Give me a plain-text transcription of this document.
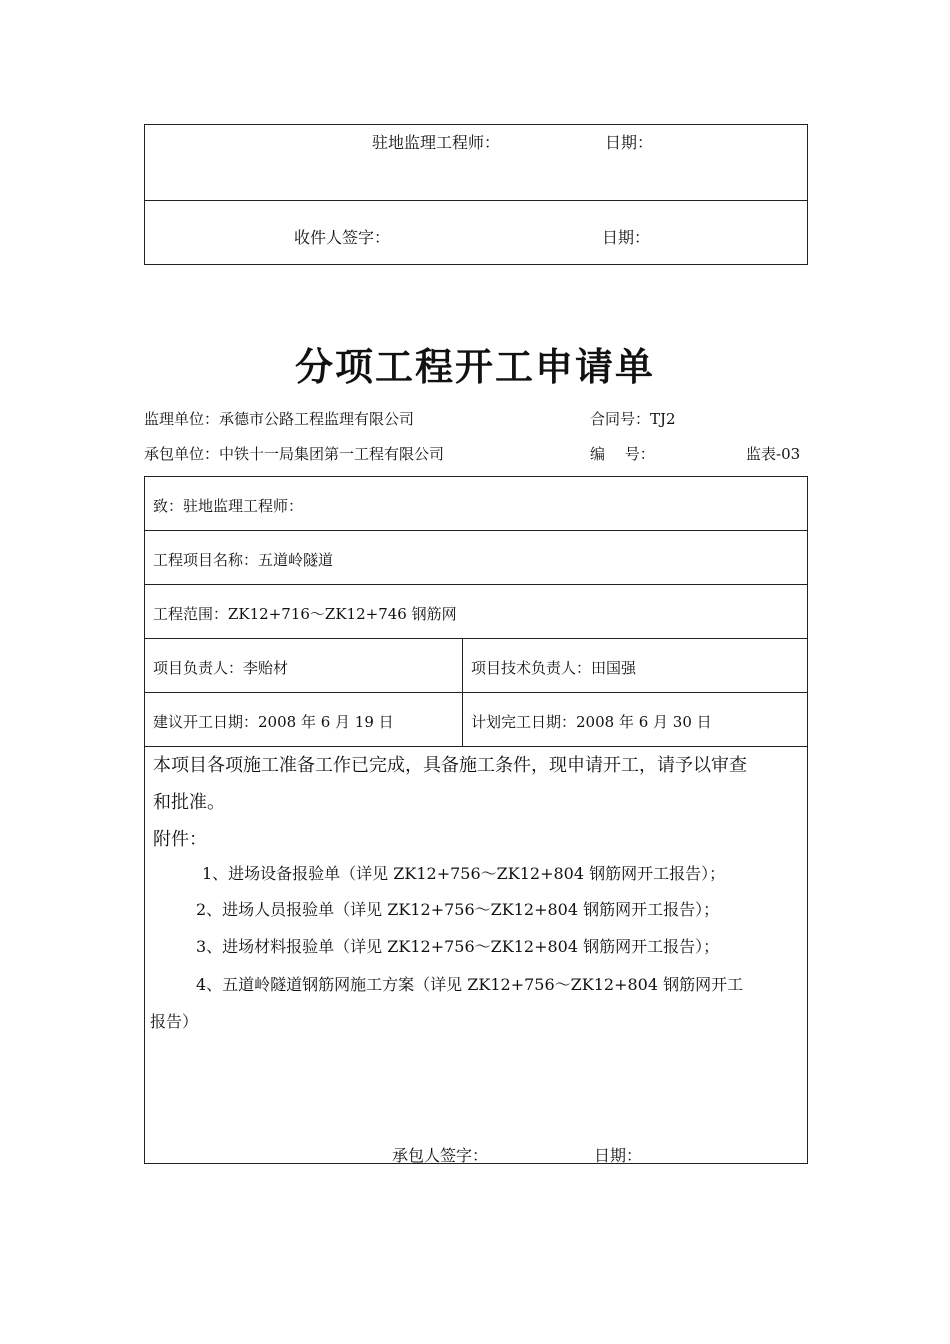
驻地监理工程师：	日期：
收件人签字：	日期：
分项工程开工申请单
监理单位：承德市公路工程监理有限公司	合同号：TJ2
承包单位：中铁十一局集团第一工程有限公司	编　 号：	监表-03
致：驻地监理工程师：
工程项目名称：五道岭隧道
工程范围：ZK12+716～ZK12+746 钢筋网
项目负责人：李贻材	项目技术负责人：田国强
建议开工日期：2008 年 6 月 19 日	计划完工日期：2008 年 6 月 30 日
本项目各项施工准备工作已完成，具备施工条件，现申请开工，请予以审查
和批准。
附件：
1、进场设备报验单（详见 ZK12+756～ZK12+804 钢筋网开工报告）；
2、进场人员报验单（详见 ZK12+756～ZK12+804 钢筋网开工报告）；
3、进场材料报验单（详见 ZK12+756～ZK12+804 钢筋网开工报告）；
4、五道岭隧道钢筋网施工方案（详见 ZK12+756～ZK12+804 钢筋网开工
报告）
承包人签字：	日期：
